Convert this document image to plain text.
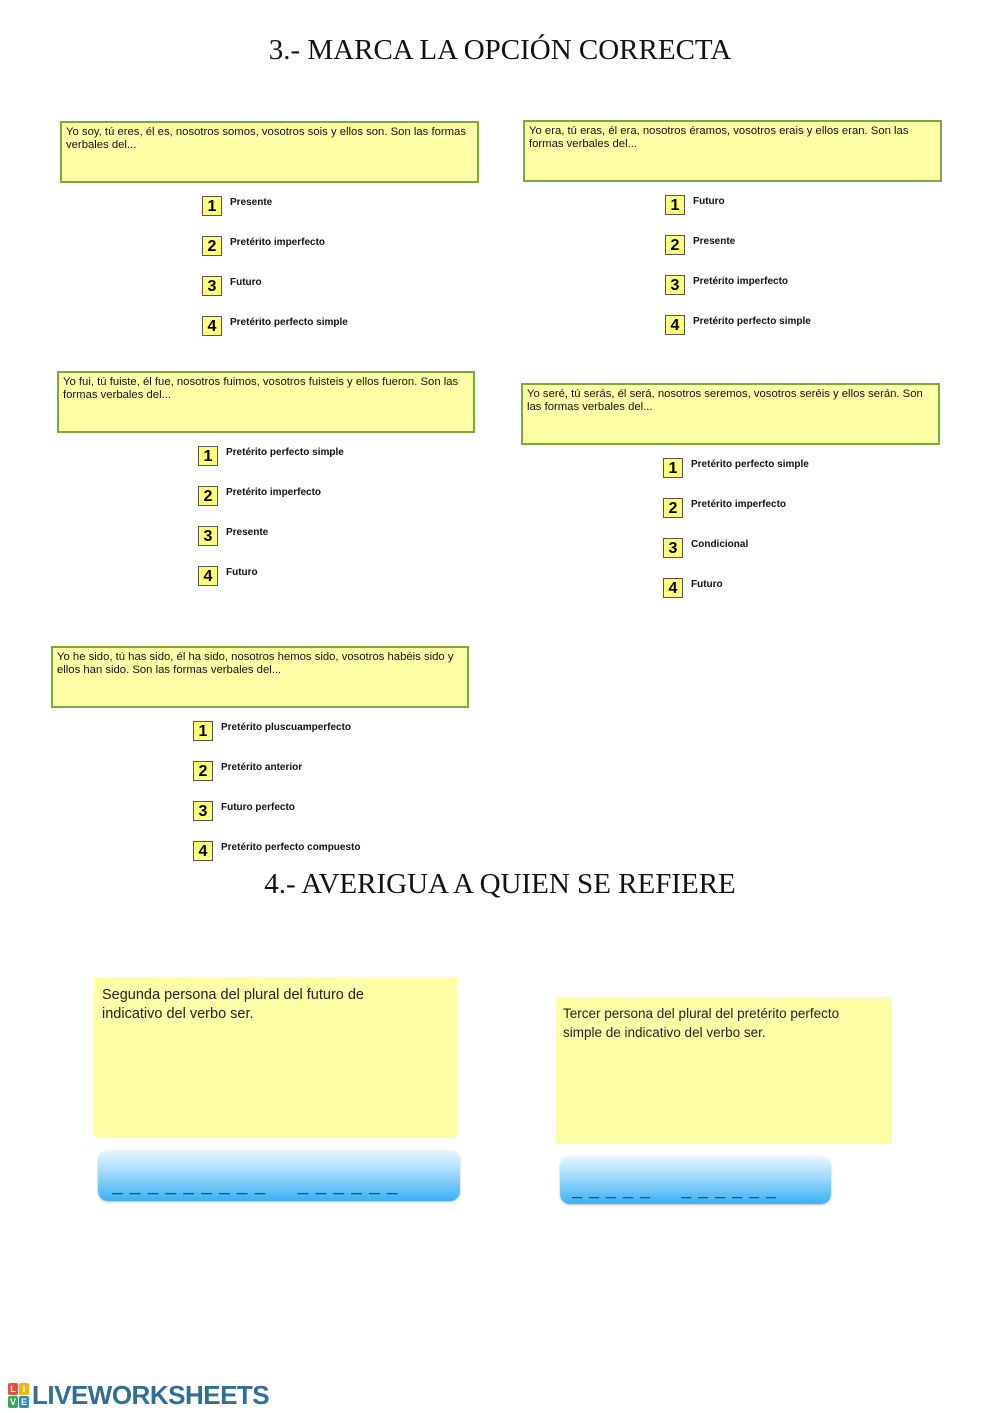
3.- MARCA LA OPCIÓN CORRECTA
Yo soy, tú eres, él es, nosotros somos, vosotros sois y ellos son. Son las formas verbales del...
1	Presente
2	Pretérito imperfecto
3	Futuro
4	Pretérito perfecto simple
Yo era, tú eras, él era, nosotros éramos, vosotros erais y ellos eran. Son las formas verbales del...
1	Futuro
2	Presente
3	Pretérito imperfecto
4	Pretérito perfecto simple
Yo fui, tú fuiste, él fue, nosotros fuimos, vosotros fuisteis y ellos fueron. Son las formas verbales del...
1	Pretérito perfecto simple
2	Pretérito imperfecto
3	Presente
4	Futuro
Yo seré, tú serás, él será, nosotros seremos, vosotros seréis y ellos serán. Son las formas verbales del...
1	Pretérito perfecto simple
2	Pretérito imperfecto
3	Condicional
4	Futuro
Yo he sido, tú has sido, él ha sido, nosotros hemos sido, vosotros habéis sido y ellos han sido. Son las formas verbales del...
1	Pretérito pluscuamperfecto
2	Pretérito anterior
3	Futuro perfecto
4	Pretérito perfecto compuesto
4.- AVERIGUA A QUIEN SE REFIERE
Segunda persona del plural del futuro de indicativo del verbo ser.
_ _ _ _ _ _ _ _ _     _ _ _ _ _ _
Tercer persona del plural del pretérito perfecto simple de indicativo del verbo ser.
_ _ _ _ _     _ _ _ _ _ _
L I
V E LIVEWORKSHEETS
